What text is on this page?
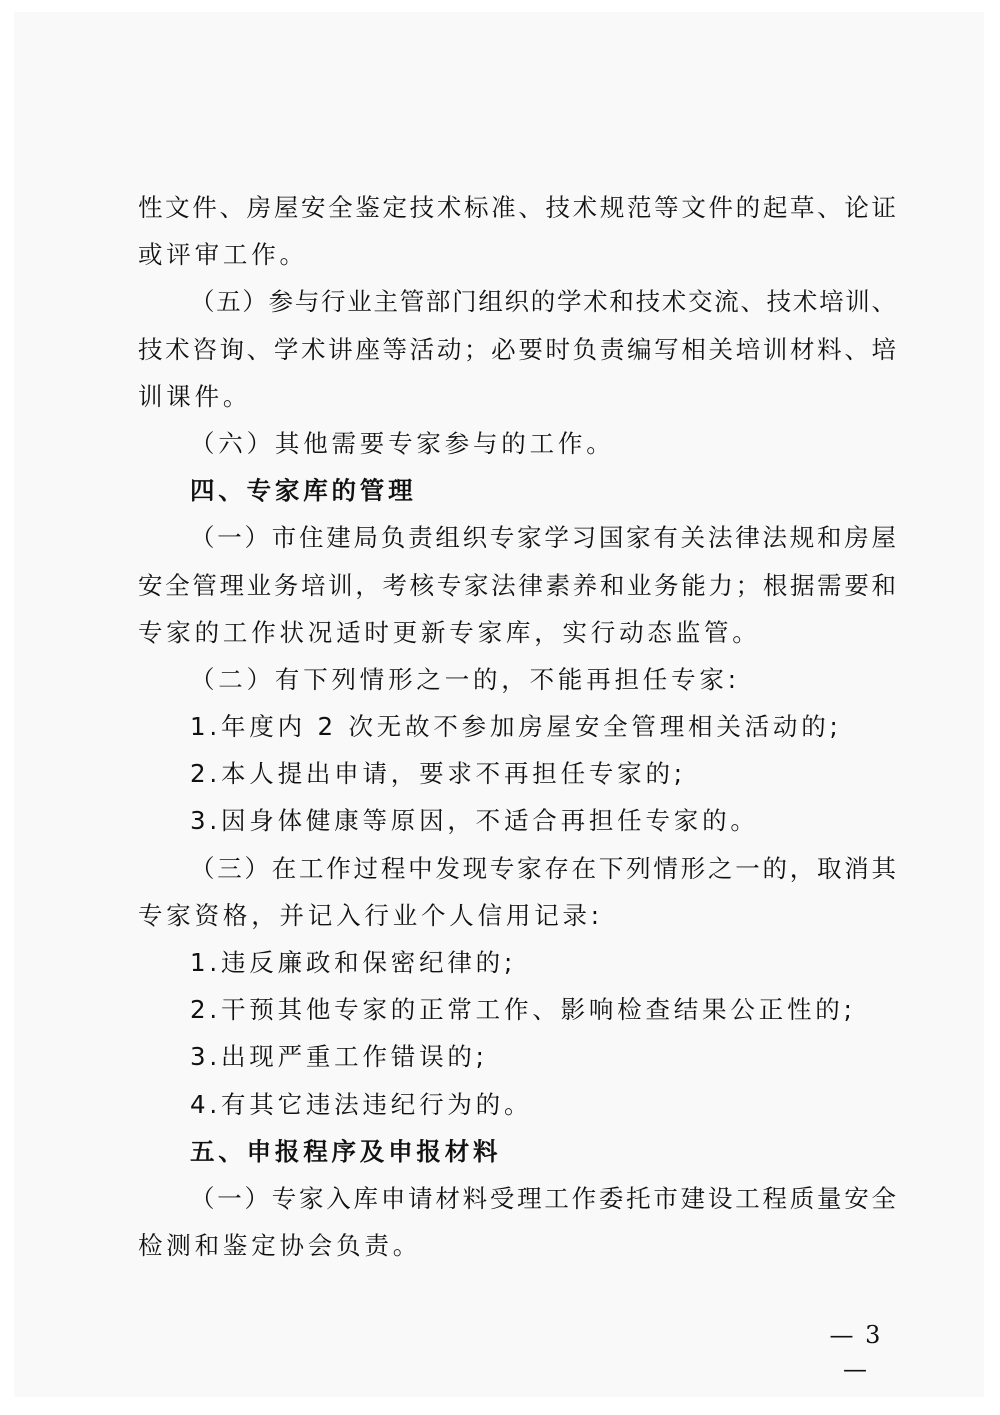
性文件、房屋安全鉴定技术标准、技术规范等文件的起草、论证
或评审工作。
（五）参与行业主管部门组织的学术和技术交流、技术培训、
技术咨询、学术讲座等活动；必要时负责编写相关培训材料、培
训课件。
（六）其他需要专家参与的工作。
四、专家库的管理
（一）市住建局负责组织专家学习国家有关法律法规和房屋
安全管理业务培训，考核专家法律素养和业务能力；根据需要和
专家的工作状况适时更新专家库，实行动态监管。
（二）有下列情形之一的，不能再担任专家:
1.年度内 2 次无故不参加房屋安全管理相关活动的;
2.本人提出申请，要求不再担任专家的;
3.因身体健康等原因，不适合再担任专家的。
（三）在工作过程中发现专家存在下列情形之一的，取消其
专家资格，并记入行业个人信用记录:
1.违反廉政和保密纪律的;
2.干预其他专家的正常工作、影响检查结果公正性的;
3.出现严重工作错误的;
4.有其它违法违纪行为的。
五、申报程序及申报材料
（一）专家入库申请材料受理工作委托市建设工程质量安全
检测和鉴定协会负责。
— 3 —
